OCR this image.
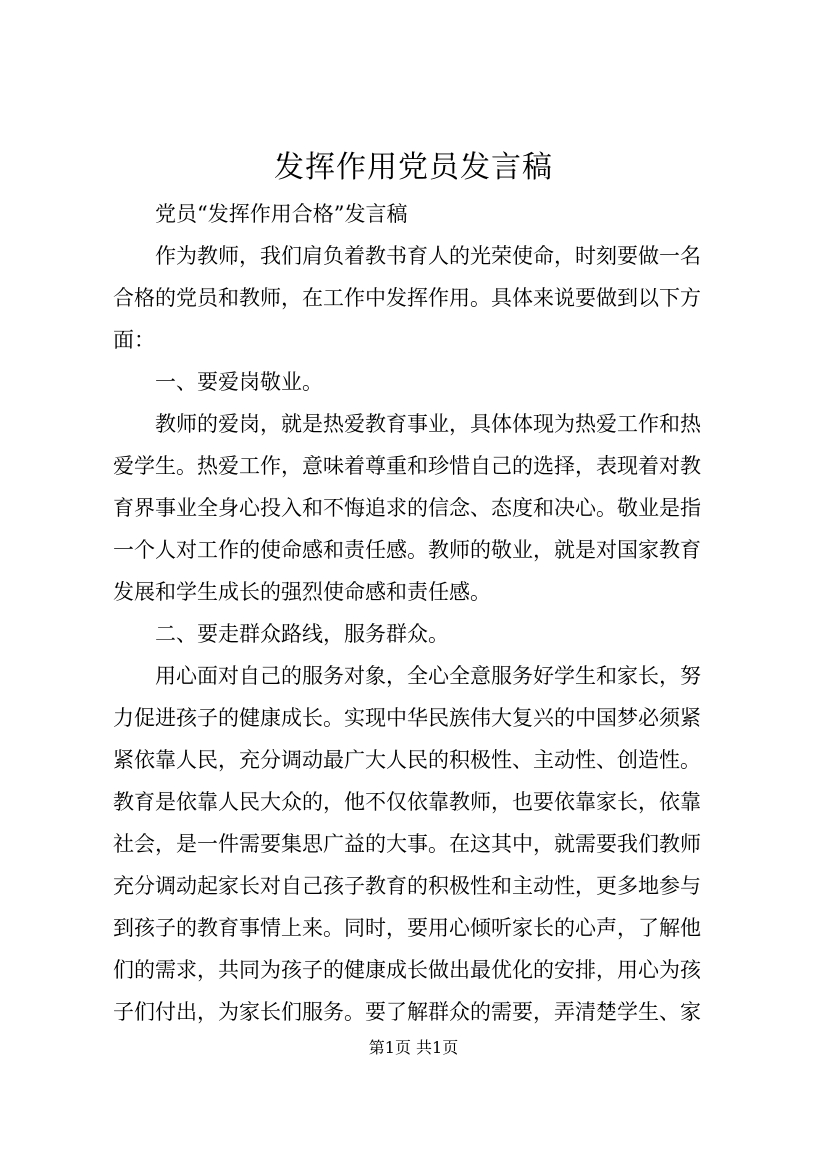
发挥作用党员发言稿
　　党员“发挥作用合格”发言稿
　　作为教师，我们肩负着教书育人的光荣使命，时刻要做一名
合格的党员和教师，在工作中发挥作用。具体来说要做到以下方
面：
　　一、要爱岗敬业。
　　教师的爱岗，就是热爱教育事业，具体体现为热爱工作和热
爱学生。热爱工作，意味着尊重和珍惜自己的选择，表现着对教
育界事业全身心投入和不悔追求的信念、态度和决心。敬业是指
一个人对工作的使命感和责任感。教师的敬业，就是对国家教育
发展和学生成长的强烈使命感和责任感。
　　二、要走群众路线，服务群众。
　　用心面对自己的服务对象，全心全意服务好学生和家长，努
力促进孩子的健康成长。实现中华民族伟大复兴的中国梦必须紧
紧依靠人民，充分调动最广大人民的积极性、主动性、创造性。
教育是依靠人民大众的，他不仅依靠教师，也要依靠家长，依靠
社会，是一件需要集思广益的大事。在这其中，就需要我们教师
充分调动起家长对自己孩子教育的积极性和主动性，更多地参与
到孩子的教育事情上来。同时，要用心倾听家长的心声，了解他
们的需求，共同为孩子的健康成长做出最优化的安排，用心为孩
子们付出，为家长们服务。要了解群众的需要，弄清楚学生、家
第1页 共1页
